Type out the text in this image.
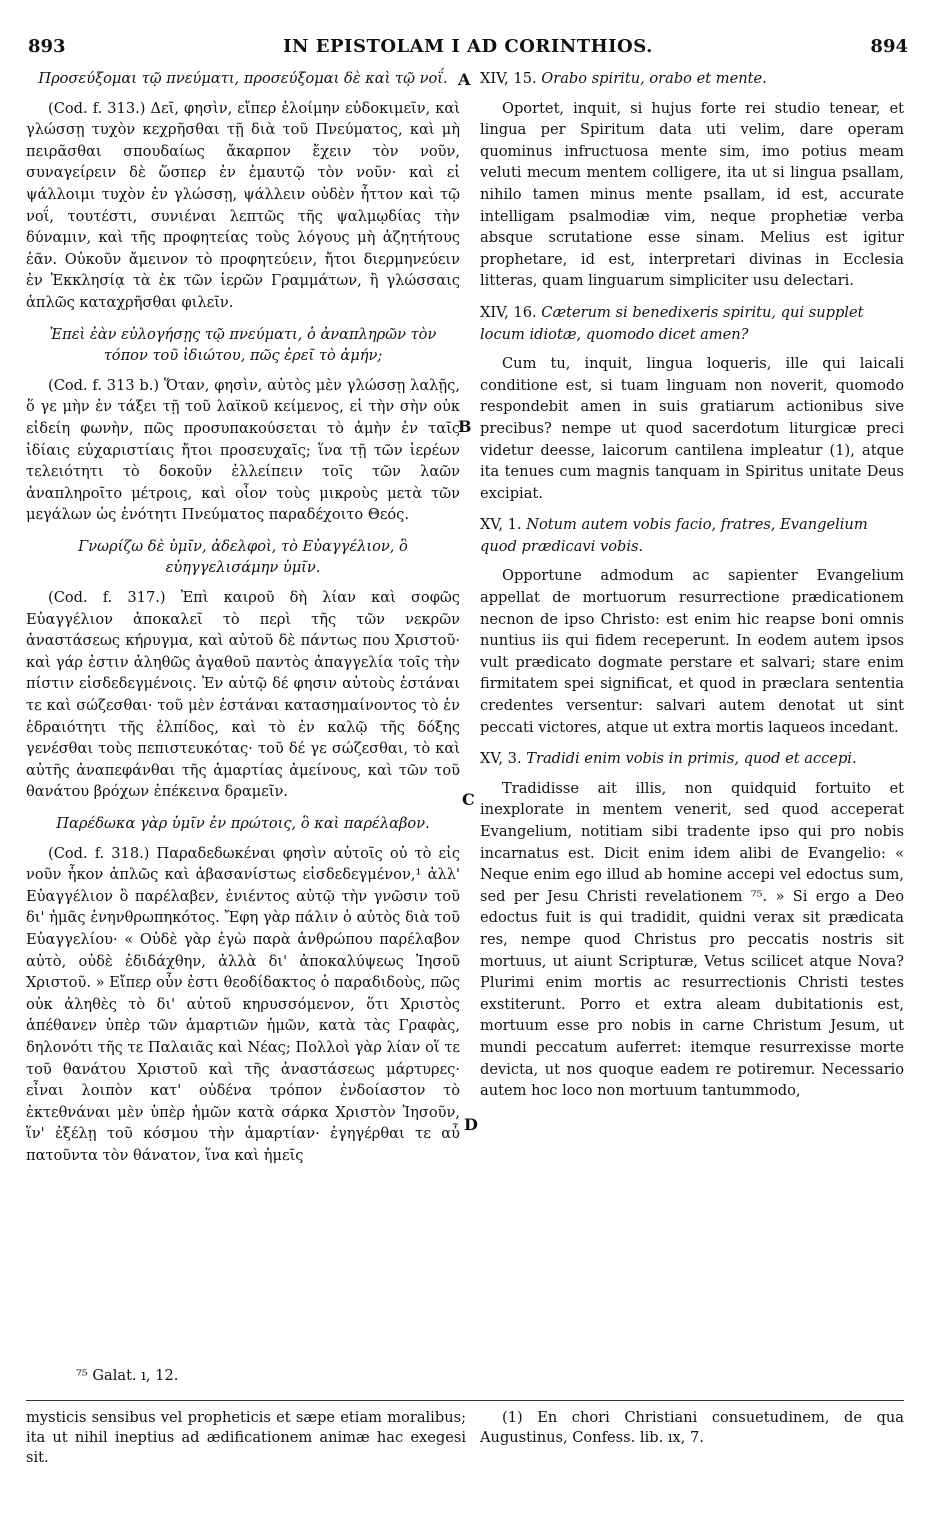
893	IN EPISTOLAM I AD CORINTHIOS.	894
A
B
C
D
Προσεύξομαι τῷ πνεύματι, προσεύξομαι δὲ καὶ τῷ νοΐ.

(Cod. f. 313.) Δεῖ, φησὶν, εἴπερ ἐλοίμην εὐδοκιμεῖν, καὶ γλώσσῃ τυχὸν κεχρῆσθαι τῇ διὰ τοῦ Πνεύματος, καὶ μὴ πειρᾶσθαι σπουδαίως ἄκαρπον ἔχειν τὸν νοῦν, συναγείρειν δὲ ὥσπερ ἐν ἐμαυτῷ τὸν νοῦν· καὶ εἰ ψάλλοιμι τυχὸν ἐν γλώσσῃ, ψάλλειν οὐδὲν ἧττον καὶ τῷ νοΐ, τουτέστι, συνιέναι λεπτῶς τῆς ψαλμῳδίας τὴν δύναμιν, καὶ τῆς προφητείας τοὺς λόγους μὴ ἀζητήτους ἐᾶν. Οὐκοῦν ἄμεινον τὸ προφητεύειν, ἤτοι διερμηνεύειν ἐν Ἐκκλησίᾳ τὰ ἐκ τῶν ἱερῶν Γραμμάτων, ἢ γλώσσαις ἁπλῶς καταχρῆσθαι φιλεῖν.

Ἐπεὶ ἐὰν εὐλογήσῃς τῷ πνεύματι, ὁ ἀναπληρῶν τὸν τόπον τοῦ ἰδιώτου, πῶς ἐρεῖ τὸ ἀμήν;

(Cod. f. 313 b.) Ὅταν, φησὶν, αὐτὸς μὲν γλώσσῃ λαλῇς, ὅ γε μὴν ἐν τάξει τῇ τοῦ λαϊκοῦ κείμενος, εἰ τὴν σὴν οὐκ εἰδείη φωνὴν, πῶς προσυπακούσεται τὸ ἀμὴν ἐν ταῖς ἰδίαις εὐχαριστίαις ἤτοι προσευχαῖς; ἵνα τῇ τῶν ἱερέων τελειότητι τὸ δοκοῦν ἐλλείπειν τοῖς τῶν λαῶν ἀναπληροῖτο μέτροις, καὶ οἷον τοὺς μικροὺς μετὰ τῶν μεγάλων ὡς ἑνότητι Πνεύματος παραδέχοιτο Θεός.

Γνωρίζω δὲ ὑμῖν, ἀδελφοὶ, τὸ Εὐαγγέλιον, ὃ εὐηγγελισάμην ὑμῖν.

(Cod. f. 317.) Ἐπὶ καιροῦ δὴ λίαν καὶ σοφῶς Εὐαγγέλιον ἀποκαλεῖ τὸ περὶ τῆς τῶν νεκρῶν ἀναστάσεως κήρυγμα, καὶ αὐτοῦ δὲ πάντως που Χριστοῦ· καὶ γάρ ἐστιν ἀληθῶς ἀγαθοῦ παντὸς ἀπαγγελία τοῖς τὴν πίστιν εἰσδεδεγμένοις. Ἐν αὐτῷ δέ φησιν αὐτοὺς ἑστάναι τε καὶ σώζεσθαι· τοῦ μὲν ἑστάναι κατασημαίνοντος τὸ ἐν ἑδραιότητι τῆς ἐλπίδος, καὶ τὸ ἐν καλῷ τῆς δόξης γενέσθαι τοὺς πεπιστευκότας· τοῦ δέ γε σώζεσθαι, τὸ καὶ αὐτῆς ἀναπεφάνθαι τῆς ἁμαρτίας ἀμείνους, καὶ τῶν τοῦ θανάτου βρόχων ἐπέκεινα δραμεῖν.

Παρέδωκα γὰρ ὑμῖν ἐν πρώτοις, ὃ καὶ παρέλαβον.

(Cod. f. 318.) Παραδεδωκέναι φησὶν αὐτοῖς οὐ τὸ εἰς νοῦν ἧκον ἁπλῶς καὶ ἀβασανίστως εἰσδεδεγμένον,¹ ἀλλ' Εὐαγγέλιον ὃ παρέλαβεν, ἐνιέντος αὐτῷ τὴν γνῶσιν τοῦ δι' ἡμᾶς ἐνηνθρωπηκότος. Ἔφη γὰρ πάλιν ὁ αὐτὸς διὰ τοῦ Εὐαγγελίου· « Οὐδὲ γὰρ ἐγὼ παρὰ ἀνθρώπου παρέλαβον αὐτὸ, οὐδὲ ἐδιδάχθην, ἀλλὰ δι' ἀποκαλύψεως Ἰησοῦ Χριστοῦ. » Εἴπερ οὖν ἐστι θεοδίδακτος ὁ παραδιδοὺς, πῶς οὐκ ἀληθὲς τὸ δι' αὐτοῦ κηρυσσόμενον, ὅτι Χριστὸς ἀπέθανεν ὑπὲρ τῶν ἁμαρτιῶν ἡμῶν, κατὰ τὰς Γραφὰς, δηλονότι τῆς τε Παλαιᾶς καὶ Νέας; Πολλοὶ γὰρ λίαν οἵ τε τοῦ θανάτου Χριστοῦ καὶ τῆς ἀναστάσεως μάρτυρες· εἶναι λοιπὸν κατ' οὐδένα τρόπον ἐνδοίαστον τὸ ἐκτεθνάναι μὲν ὑπὲρ ἡμῶν κατὰ σάρκα Χριστὸν Ἰησοῦν, ἵν' ἐξέλῃ τοῦ κόσμου τὴν ἁμαρτίαν· ἐγηγέρθαι τε αὖ πατοῦντα τὸν θάνατον, ἵνα καὶ ἡμεῖς

XIV, 15. Orabo spiritu, orabo et mente.

Oportet, inquit, si hujus forte rei studio tenear, et lingua per Spiritum data uti velim, dare operam quominus infructuosa mente sim, imo potius meam veluti mecum mentem colligere, ita ut si lingua psallam, nihilo tamen minus mente psallam, id est, accurate intelligam psalmodiæ vim, neque prophetiæ verba absque scrutatione esse sinam. Melius est igitur prophetare, id est, interpretari divinas in Ecclesia litteras, quam linguarum simpliciter usu delectari.

XIV, 16. Cæterum si benedixeris spiritu, qui supplet locum idiotæ, quomodo dicet amen?

Cum tu, inquit, lingua loqueris, ille qui laicali conditione est, si tuam linguam non noverit, quomodo respondebit amen in suis gratiarum actionibus sive precibus? nempe ut quod sacerdotum liturgicæ preci videtur deesse, laicorum cantilena impleatur (1), atque ita tenues cum magnis tanquam in Spiritus unitate Deus excipiat.

XV, 1. Notum autem vobis facio, fratres, Evangelium quod prædicavi vobis.

Opportune admodum ac sapienter Evangelium appellat de mortuorum resurrectione prædicationem necnon de ipso Christo: est enim hic reapse boni omnis nuntius iis qui fidem receperunt. In eodem autem ipsos vult prædicato dogmate perstare et salvari; stare enim firmitatem spei significat, et quod in præclara sententia credentes versentur: salvari autem denotat ut sint peccati victores, atque ut extra mortis laqueos incedant.

XV, 3. Tradidi enim vobis in primis, quod et accepi.

Tradidisse ait illis, non quidquid fortuito et inexplorate in mentem venerit, sed quod acceperat Evangelium, notitiam sibi tradente ipso qui pro nobis incarnatus est. Dicit enim idem alibi de Evangelio: « Neque enim ego illud ab homine accepi vel edoctus sum, sed per Jesu Christi revelationem ⁷⁵. » Si ergo a Deo edoctus fuit is qui tradidit, quidni verax sit prædicata res, nempe quod Christus pro peccatis nostris sit mortuus, ut aiunt Scripturæ, Vetus scilicet atque Nova? Plurimi enim mortis ac resurrectionis Christi testes exstiterunt. Porro et extra aleam dubitationis est, mortuum esse pro nobis in carne Christum Jesum, ut mundi peccatum auferret: itemque resurrexisse morte devicta, ut nos quoque eadem re potiremur. Necessario autem hoc loco non mortuum tantummodo,

⁷⁵ Galat. ı, 12.

mysticis sensibus vel propheticis et sæpe etiam moralibus; ita ut nihil ineptius ad ædificationem animæ hac exegesi sit.

(1) En chori Christiani consuetudinem, de qua Augustinus, Confess. lib. ıx, 7.
